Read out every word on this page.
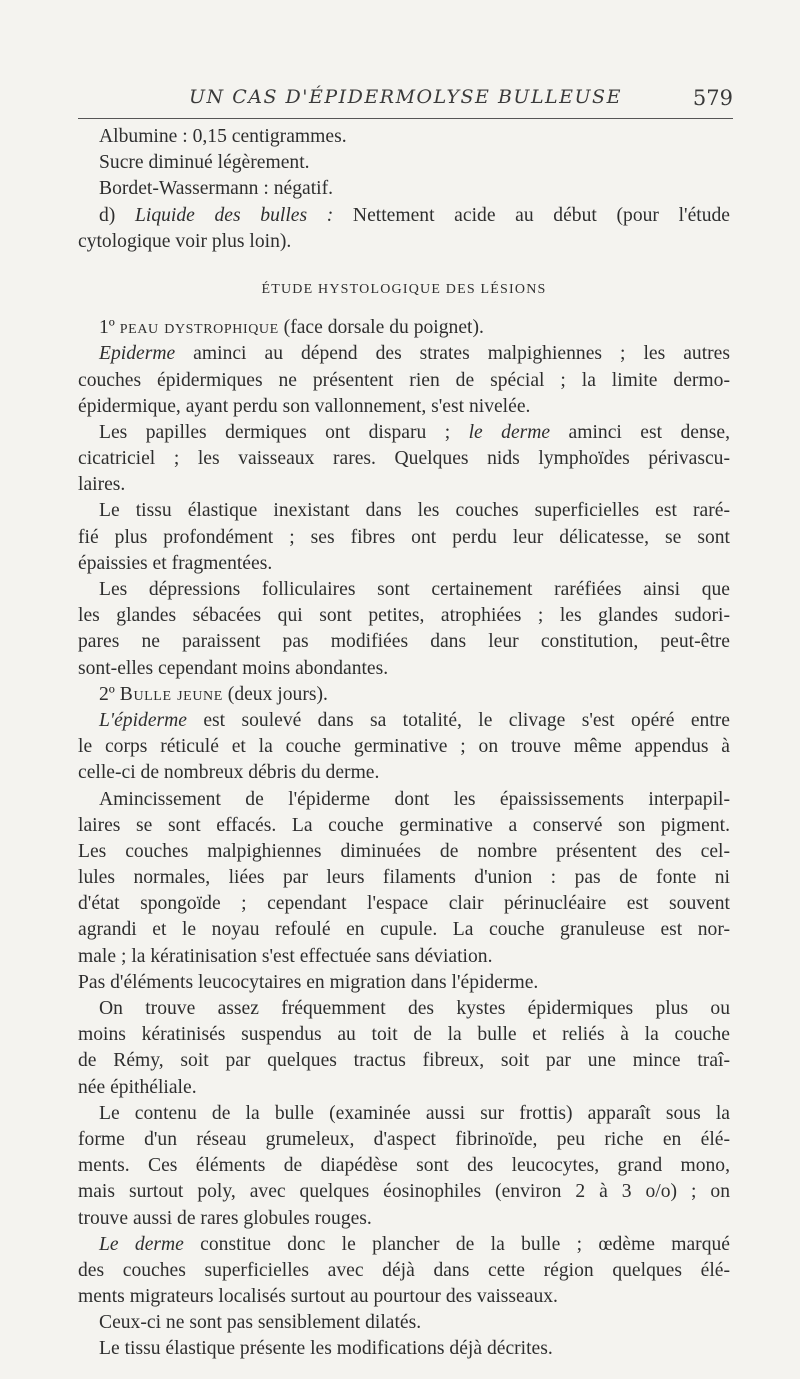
UN CAS D'ÉPIDERMOLYSE BULLEUSE	579
Albumine : 0,15 centigrammes.
Sucre diminué légèrement.
Bordet-Wassermann : négatif.
d) Liquide des bulles : Nettement acide au début (pour l'étude
cytologique voir plus loin).
ÉTUDE HYSTOLOGIQUE DES LÉSIONS
1º peau dystrophique (face dorsale du poignet).
Epiderme aminci au dépend des strates malpighiennes ; les autres
couches épidermiques ne présentent rien de spécial ; la limite dermo-
épidermique, ayant perdu son vallonnement, s'est nivelée.
Les papilles dermiques ont disparu ; le derme aminci est dense,
cicatriciel ; les vaisseaux rares. Quelques nids lymphoïdes périvascu-
laires.
Le tissu élastique inexistant dans les couches superficielles est raré-
fié plus profondément ; ses fibres ont perdu leur délicatesse, se sont
épaissies et fragmentées.
Les dépressions folliculaires sont certainement raréfiées ainsi que
les glandes sébacées qui sont petites, atrophiées ; les glandes sudori-
pares ne paraissent pas modifiées dans leur constitution, peut-être
sont-elles cependant moins abondantes.
2º Bulle jeune (deux jours).
L'épiderme est soulevé dans sa totalité, le clivage s'est opéré entre
le corps réticulé et la couche germinative ; on trouve même appendus à
celle-ci de nombreux débris du derme.
Amincissement de l'épiderme dont les épaississements interpapil-
laires se sont effacés. La couche germinative a conservé son pigment.
Les couches malpighiennes diminuées de nombre présentent des cel-
lules normales, liées par leurs filaments d'union : pas de fonte ni
d'état spongoïde ; cependant l'espace clair périnucléaire est souvent
agrandi et le noyau refoulé en cupule. La couche granuleuse est nor-
male ; la kératinisation s'est effectuée sans déviation.
Pas d'éléments leucocytaires en migration dans l'épiderme.
On trouve assez fréquemment des kystes épidermiques plus ou
moins kératinisés suspendus au toit de la bulle et reliés à la couche
de Rémy, soit par quelques tractus fibreux, soit par une mince traî-
née épithéliale.
Le contenu de la bulle (examinée aussi sur frottis) apparaît sous la
forme d'un réseau grumeleux, d'aspect fibrinoïde, peu riche en élé-
ments. Ces éléments de diapédèse sont des leucocytes, grand mono,
mais surtout poly, avec quelques éosinophiles (environ 2 à 3 o/o) ; on
trouve aussi de rares globules rouges.
Le derme constitue donc le plancher de la bulle ; œdème marqué
des couches superficielles avec déjà dans cette région quelques élé-
ments migrateurs localisés surtout au pourtour des vaisseaux.
Ceux-ci ne sont pas sensiblement dilatés.
Le tissu élastique présente les modifications déjà décrites.
